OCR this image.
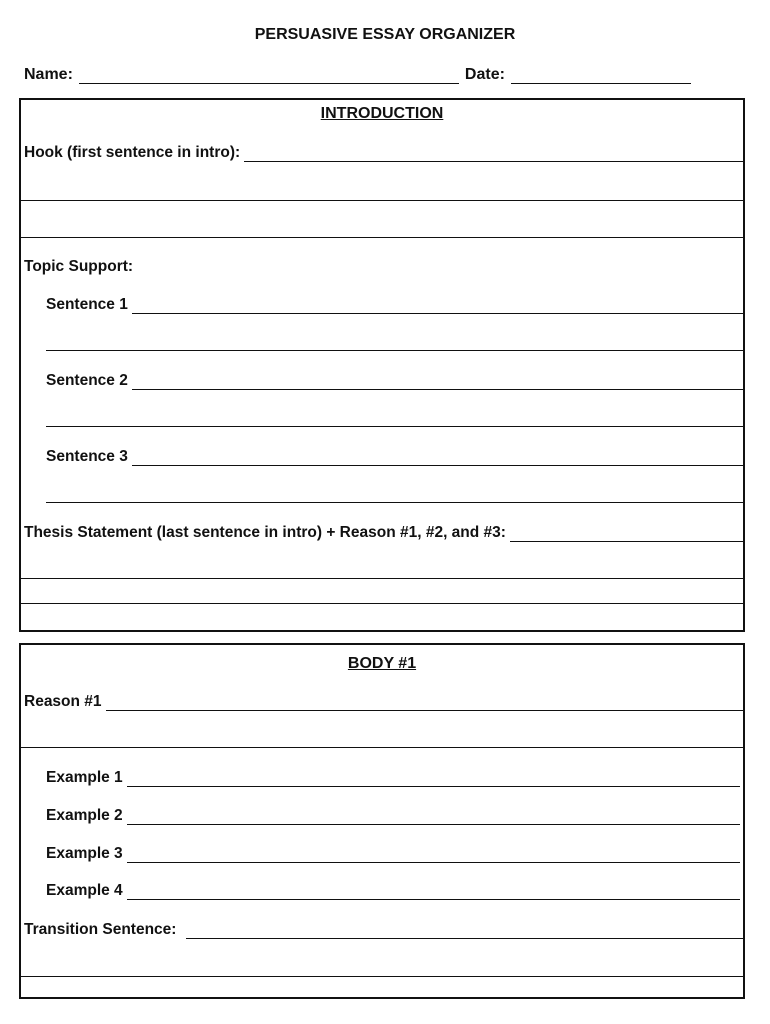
PERSUASIVE ESSAY ORGANIZER
Name:	Date:
INTRODUCTION
Hook (first sentence in intro):
Topic Support:
Sentence 1
Sentence 2
Sentence 3
Thesis Statement (last sentence in intro) + Reason #1, #2, and #3:
BODY #1
Reason #1
Example 1
Example 2
Example 3
Example 4
Transition Sentence:
